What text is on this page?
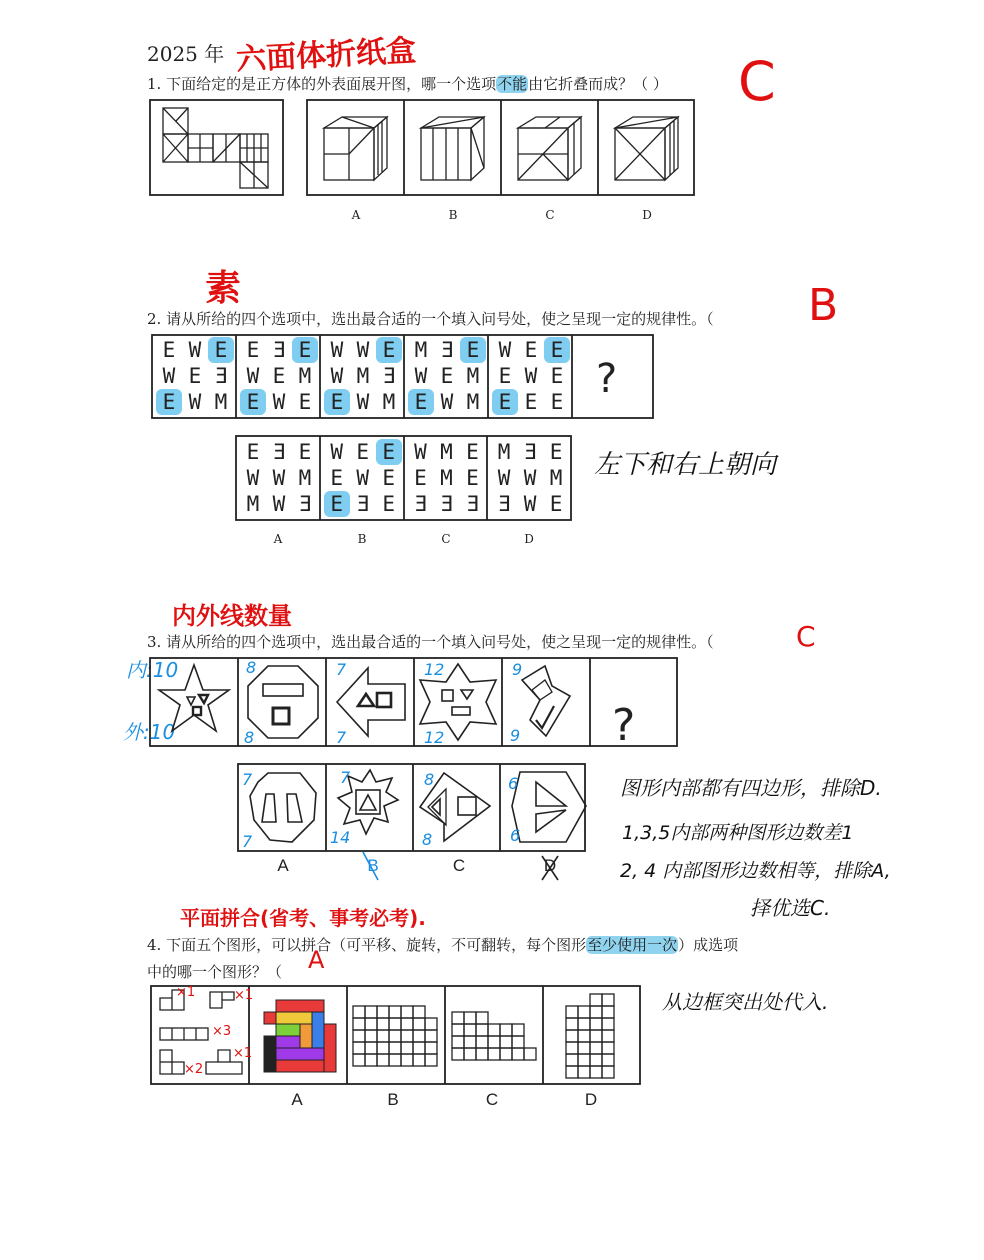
2025 年 六面体折纸盒
1. 下面给定的是正方体的外表面展开图，哪一个选项不能由它折叠而成？（ ） C
A	B	C	D
素
2. 请从所给的四个选项中，选出最合适的一个填入问号处，使之呈现一定的规律性。（ B
E W E
W E Ǝ
E W M
E Ǝ E
W E M
E W E
W W E
W M Ǝ
E W M
M Ǝ E
W E M
E W M
W E E
E W E
E E E
E Ǝ E
W W M
M W Ǝ
W E E
E W E
E Ǝ E
W M E
E M E
Ǝ Ǝ Ǝ
M Ǝ E
W W M
Ǝ W E
?
A	B	C	D
左下和右上朝向
内外线数量
3. 请从所给的四个选项中，选出最合适的一个填入问号处，使之呈现一定的规律性。（	C
内:10
外:10
8
8
7
7
12
12
9
9
7
7
7
14
8
8
6
6
?
A	B	C	D
图形内部都有四边形，排除D.
1,3,5内部两种图形边数差1
2, 4 内部图形边数相等，排除A,
择优选C.
平面拼合(省考、事考必考).
4. 下面五个图形，可以拼合（可平移、旋转，不可翻转，每个图形至少使用一次）成选项
中的哪一个图形？（ A
×1	×1
×3
×1
×2
A	B	C	D
从边框突出处代入.
